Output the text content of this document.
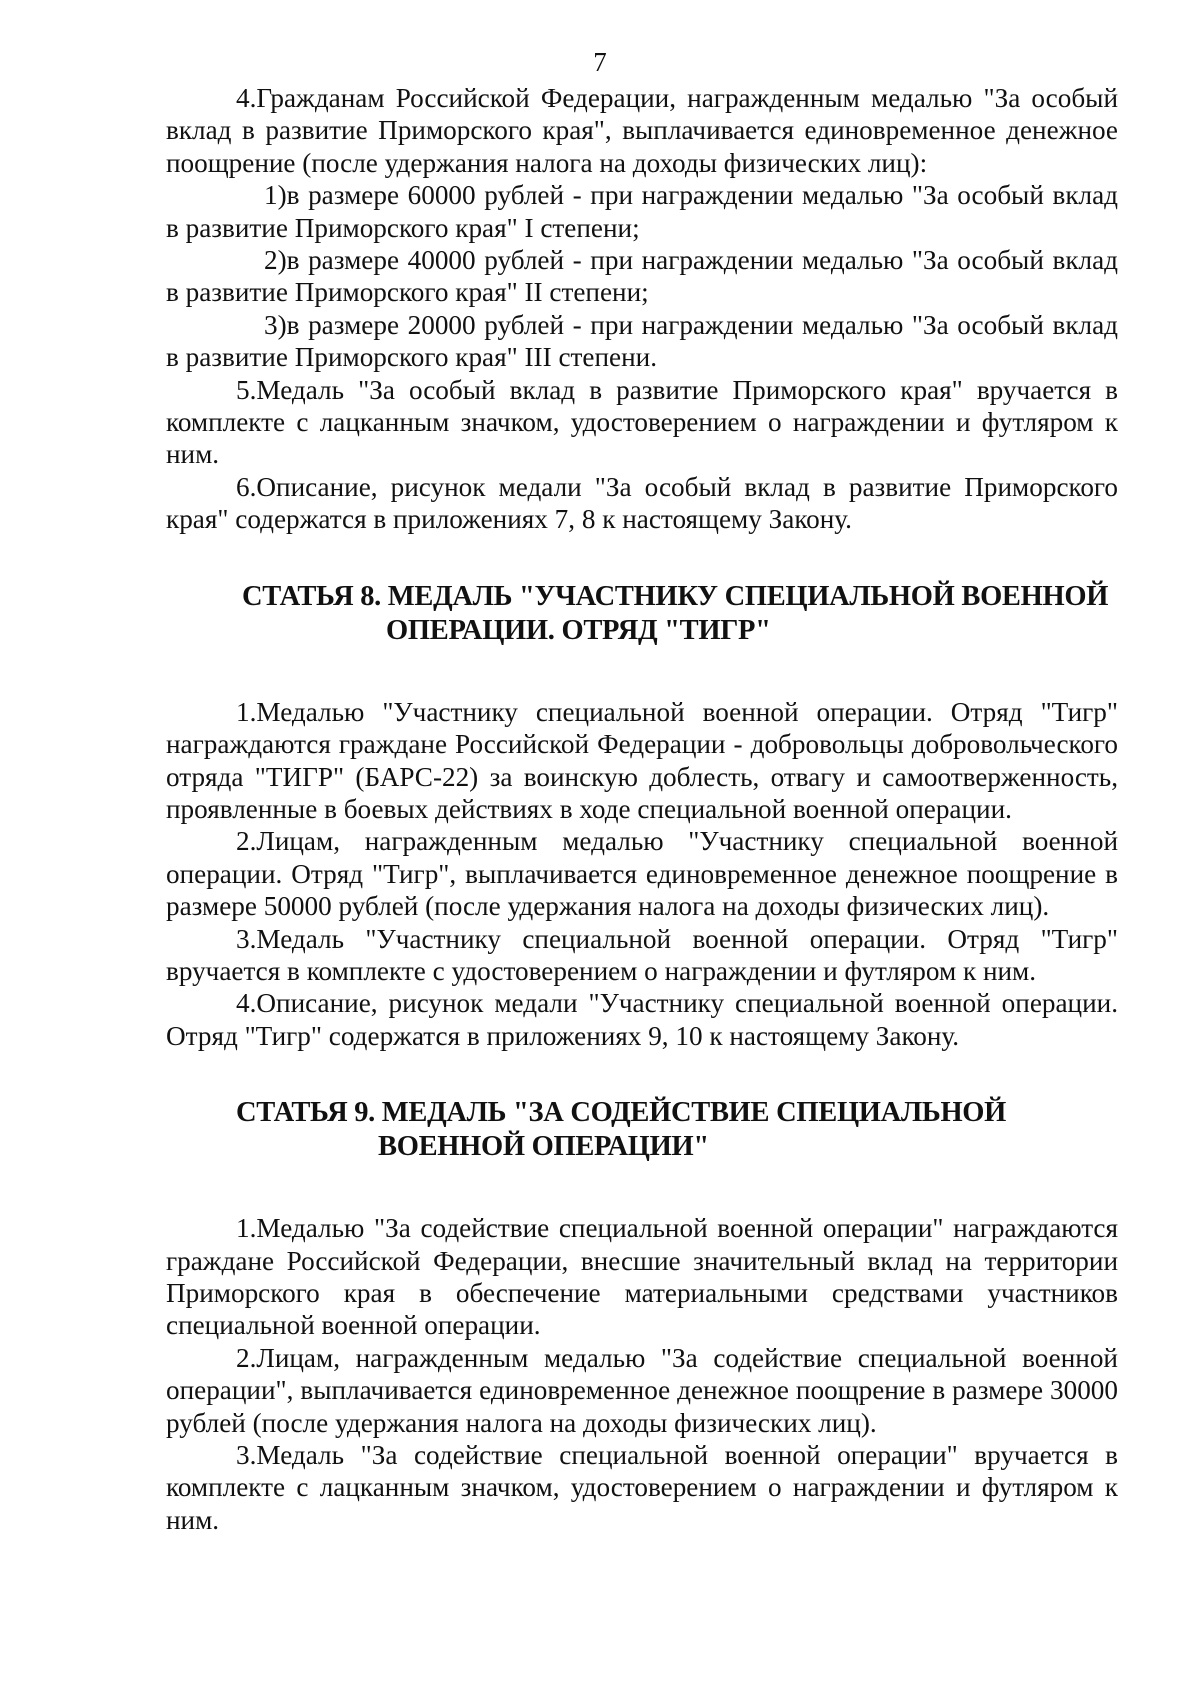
7

4.Гражданам Российской Федерации, награжденным медалью "За особый вклад в развитие Приморского края", выплачивается единовременное денежное поощрение (после удержания налога на доходы физических лиц):

1)в размере 60000 рублей - при награждении медалью "За особый вклад в развитие Приморского края" I степени;

2)в размере 40000 рублей - при награждении медалью "За особый вклад в развитие Приморского края" II степени;

3)в размере 20000 рублей - при награждении медалью "За особый вклад в развитие Приморского края" III степени.

5.Медаль "За особый вклад в развитие Приморского края" вручается в комплекте с лацканным значком, удостоверением о награждении и футляром к ним.

6.Описание, рисунок медали "За особый вклад в развитие Приморского края" содержатся в приложениях 7, 8 к настоящему Закону.

СТАТЬЯ 8. МЕДАЛЬ "УЧАСТНИКУ СПЕЦИАЛЬНОЙ ВОЕННОЙ
ОПЕРАЦИИ. ОТРЯД "ТИГР"

1.Медалью "Участнику специальной военной операции. Отряд "Тигр" награждаются граждане Российской Федерации - добровольцы добровольческого отряда "ТИГР" (БАРС-22) за воинскую доблесть, отвагу и самоотверженность, проявленные в боевых действиях в ходе специальной военной операции.

2.Лицам, награжденным медалью "Участнику специальной военной операции. Отряд "Тигр", выплачивается единовременное денежное поощрение в размере 50000 рублей (после удержания налога на доходы физических лиц).

3.Медаль "Участнику специальной военной операции. Отряд "Тигр" вручается в комплекте с удостоверением о награждении и футляром к ним.

4.Описание, рисунок медали "Участнику специальной военной операции. Отряд "Тигр" содержатся в приложениях 9, 10 к настоящему Закону.

СТАТЬЯ 9. МЕДАЛЬ "ЗА СОДЕЙСТВИЕ СПЕЦИАЛЬНОЙ
ВОЕННОЙ ОПЕРАЦИИ"

1.Медалью "За содействие специальной военной операции" награждаются граждане Российской Федерации, внесшие значительный вклад на территории Приморского края в обеспечение материальными средствами участников специальной военной операции.

2.Лицам, награжденным медалью "За содействие специальной военной операции", выплачивается единовременное денежное поощрение в размере 30000 рублей (после удержания налога на доходы физических лиц).

3.Медаль "За содействие специальной военной операции" вручается в комплекте с лацканным значком, удостоверением о награждении и футляром к ним.
